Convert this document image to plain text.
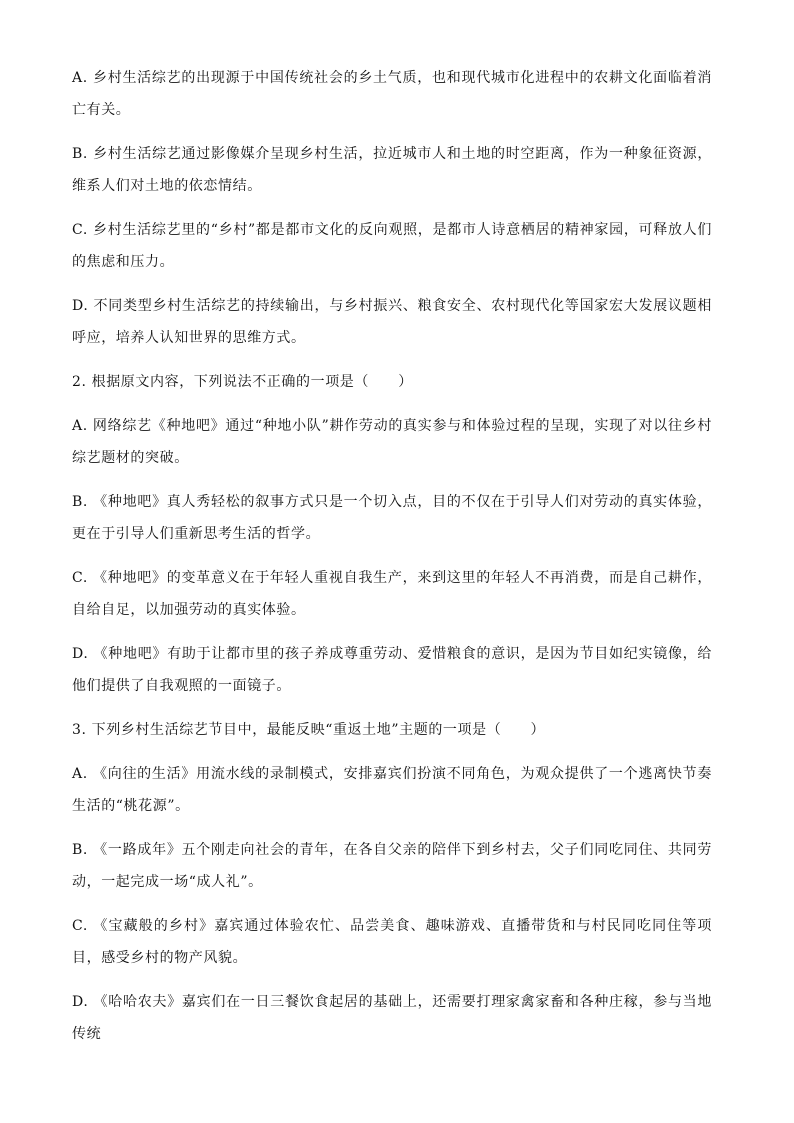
A. 乡村生活综艺的出现源于中国传统社会的乡土气质，也和现代城市化进程中的农耕文化面临着消亡有关。

B. 乡村生活综艺通过影像媒介呈现乡村生活，拉近城市人和土地的时空距离，作为一种象征资源，维系人们对土地的依恋情结。

C. 乡村生活综艺里的“乡村”都是都市文化的反向观照，是都市人诗意栖居的精神家园，可释放人们的焦虑和压力。

D. 不同类型乡村生活综艺的持续输出，与乡村振兴、粮食安全、农村现代化等国家宏大发展议题相呼应，培养人认知世界的思维方式。

2. 根据原文内容，下列说法不正确的一项是（　　）

A. 网络综艺《种地吧》通过“种地小队”耕作劳动的真实参与和体验过程的呈现，实现了对以往乡村综艺题材的突破。

B. 《种地吧》真人秀轻松的叙事方式只是一个切入点，目的不仅在于引导人们对劳动的真实体验，更在于引导人们重新思考生活的哲学。

C. 《种地吧》的变革意义在于年轻人重视自我生产，来到这里的年轻人不再消费，而是自己耕作，自给自足，以加强劳动的真实体验。

D. 《种地吧》有助于让都市里的孩子养成尊重劳动、爱惜粮食的意识，是因为节目如纪实镜像，给他们提供了自我观照的一面镜子。

3. 下列乡村生活综艺节目中，最能反映“重返土地”主题的一项是（　　）

A. 《向往的生活》用流水线的录制模式，安排嘉宾们扮演不同角色，为观众提供了一个逃离快节奏生活的“桃花源”。

B. 《一路成年》五个刚走向社会的青年，在各自父亲的陪伴下到乡村去，父子们同吃同住、共同劳动，一起完成一场“成人礼”。

C. 《宝藏般的乡村》嘉宾通过体验农忙、品尝美食、趣味游戏、直播带货和与村民同吃同住等项目，感受乡村的物产风貌。

D. 《哈哈农夫》嘉宾们在一日三餐饮食起居的基础上，还需要打理家禽家畜和各种庄稼，参与当地传统
